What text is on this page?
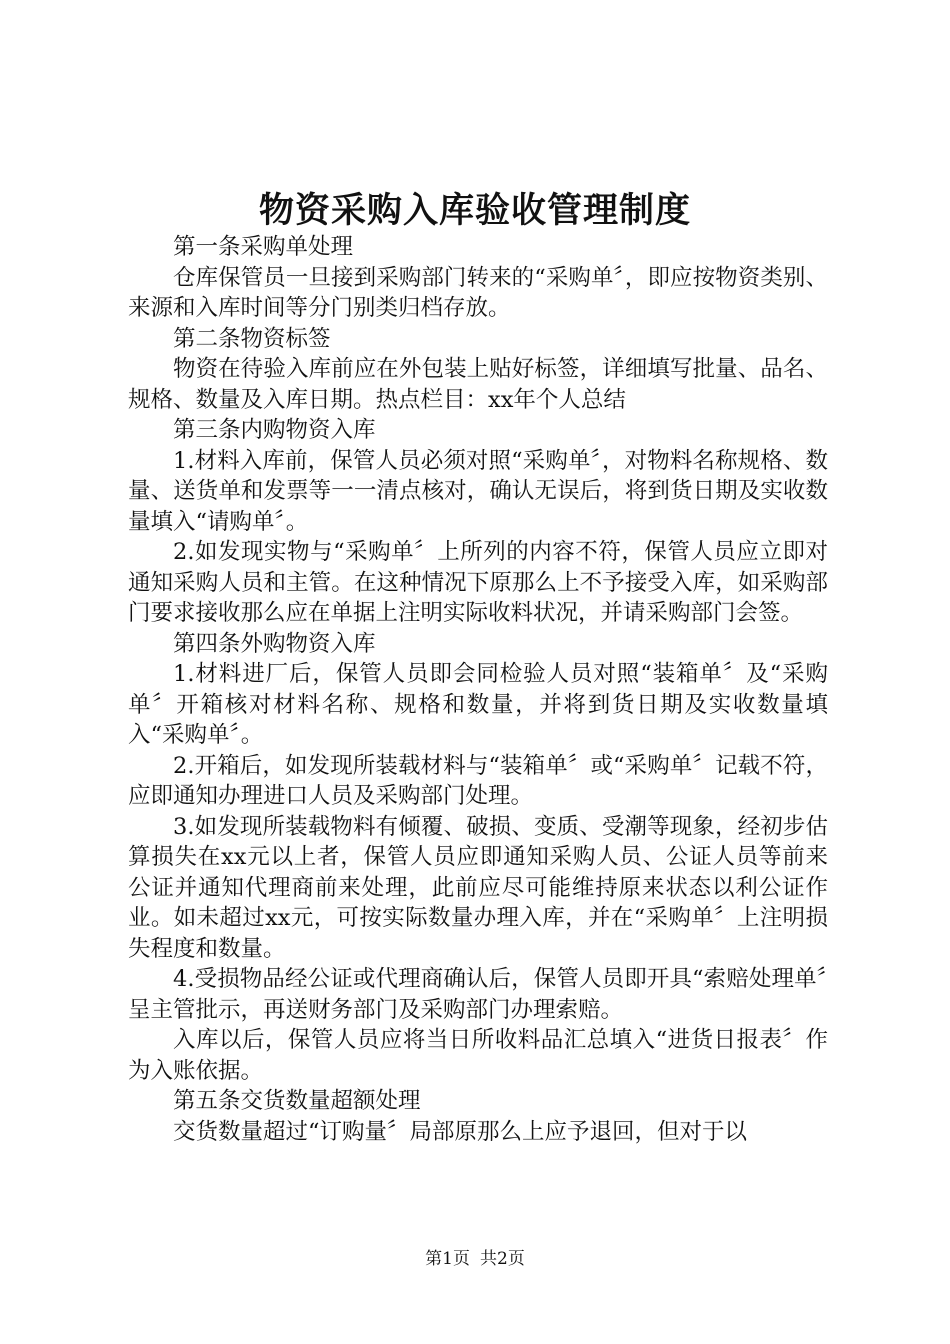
物资采购入库验收管理制度

第一条采购单处理

仓库保管员一旦接到采购部门转来的“采购单〞，即应按物资类别、来源和入库时间等分门别类归档存放。

第二条物资标签

物资在待验入库前应在外包装上贴好标签，详细填写批量、品名、规格、数量及入库日期。热点栏目：xx年个人总结

第三条内购物资入库

1.材料入库前，保管人员必须对照“采购单〞，对物料名称规格、数量、送货单和发票等一一清点核对，确认无误后，将到货日期及实收数量填入“请购单〞。

2.如发现实物与“采购单〞上所列的内容不符，保管人员应立即对通知采购人员和主管。在这种情况下原那么上不予接受入库，如采购部门要求接收那么应在单据上注明实际收料状况，并请采购部门会签。

第四条外购物资入库

1.材料进厂后，保管人员即会同检验人员对照“装箱单〞及“采购单〞开箱核对材料名称、规格和数量，并将到货日期及实收数量填入“采购单〞。

2.开箱后，如发现所装载材料与“装箱单〞或“采购单〞记载不符，应即通知办理进口人员及采购部门处理。

3.如发现所装载物料有倾覆、破损、变质、受潮等现象，经初步估算损失在xx元以上者，保管人员应即通知采购人员、公证人员等前来公证并通知代理商前来处理，此前应尽可能维持原来状态以利公证作业。如未超过xx元，可按实际数量办理入库，并在“采购单〞上注明损失程度和数量。

4.受损物品经公证或代理商确认后，保管人员即开具“索赔处理单〞呈主管批示，再送财务部门及采购部门办理索赔。

入库以后，保管人员应将当日所收料品汇总填入“进货日报表〞作为入账依据。

第五条交货数量超额处理

交货数量超过“订购量〞局部原那么上应予退回，但对于以

第1页 共2页
